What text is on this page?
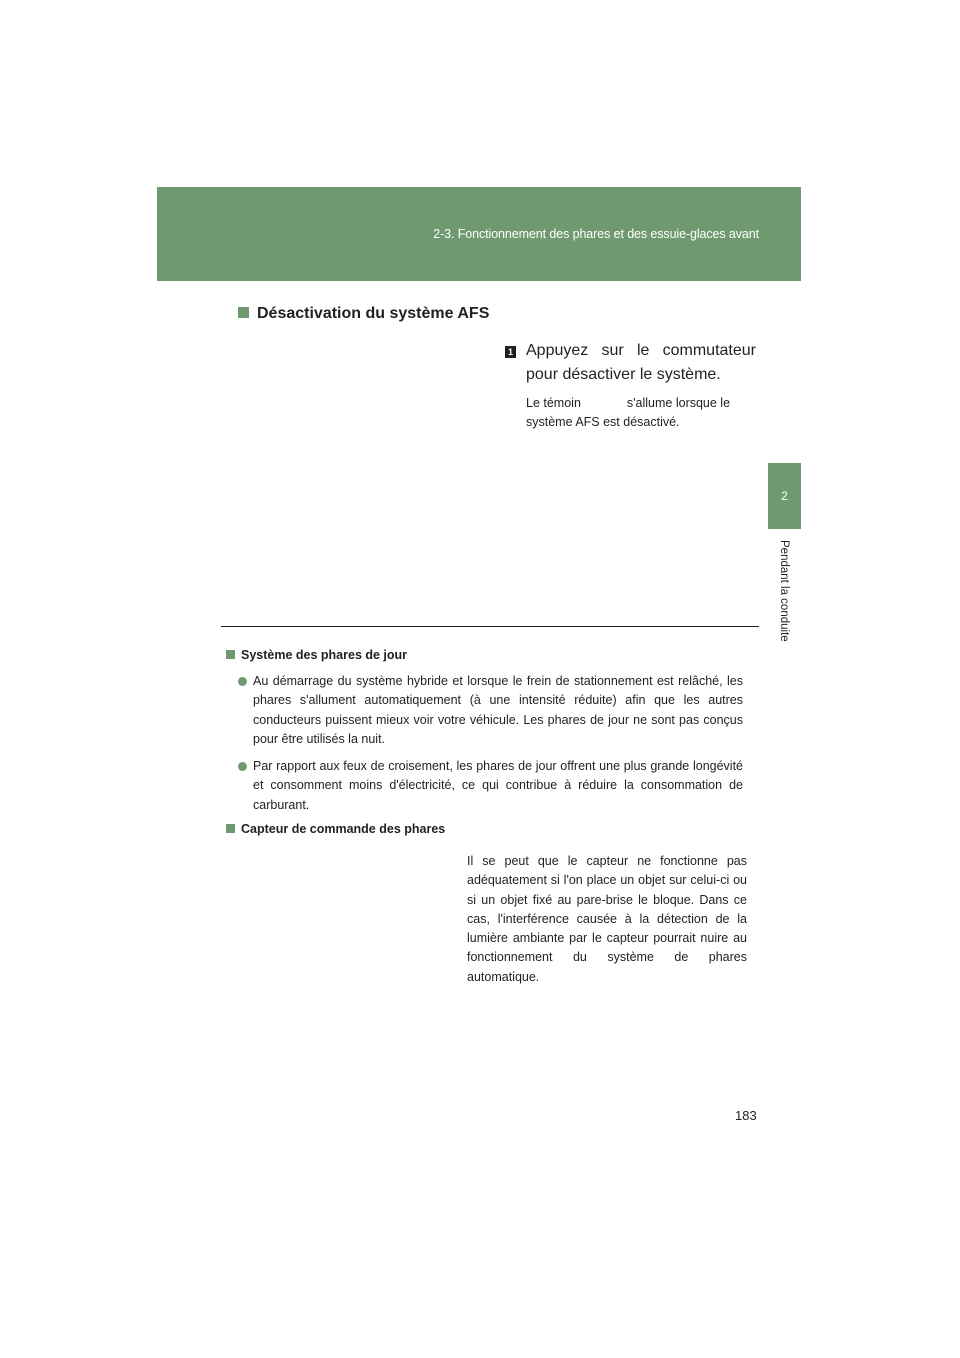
2-3. Fonctionnement des phares et des essuie-glaces avant
2
Pendant la conduite
Désactivation du système AFS
1 Appuyez sur le commutateur pour désactiver le système.
Le témoin	s'allume lorsque le système AFS est désactivé.
Système des phares de jour
Au démarrage du système hybride et lorsque le frein de stationnement est relâché, les phares s'allument automatiquement (à une intensité réduite) afin que les autres conducteurs puissent mieux voir votre véhicule. Les phares de jour ne sont pas conçus pour être utilisés la nuit.
Par rapport aux feux de croisement, les phares de jour offrent une plus grande longévité et consomment moins d'électricité, ce qui contribue à réduire la consommation de carburant.
Capteur de commande des phares
Il se peut que le capteur ne fonctionne pas adéquatement si l'on place un objet sur celui-ci ou si un objet fixé au pare-brise le bloque. Dans ce cas, l'interférence causée à la détection de la lumière ambiante par le capteur pourrait nuire au fonctionnement du système de phares automatique.
183
